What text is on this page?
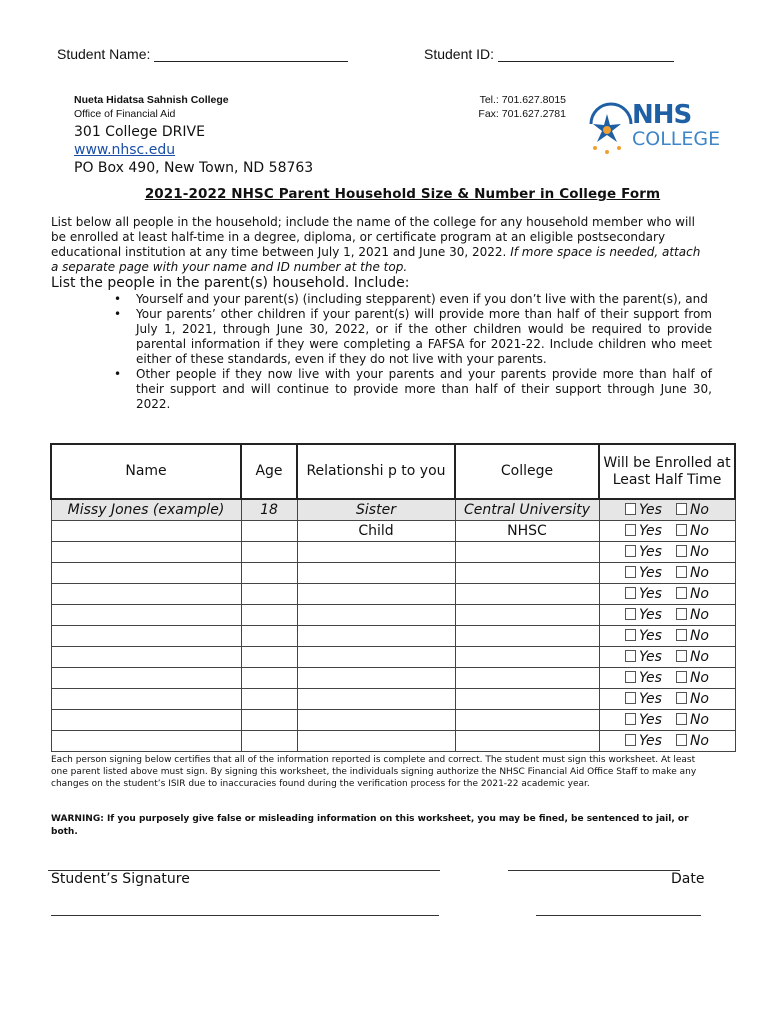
Student Name:	Student ID:
Nueta Hidatsa Sahnish College
Office of Financial Aid
301 College DRIVE
www.nhsc.edu
PO Box 490, New Town, ND 58763
Tel.: 701.627.8015
Fax: 701.627.2781	NHS
COLLEGE
2021-2022 NHSC Parent Household Size & Number in College Form
List below all people in the household; include the name of the college for any household member who will be enrolled at least half-time in a degree, diploma, or certificate program at an eligible postsecondary educational institution at any time between July 1, 2021 and June 30, 2022. If more space is needed, attach a separate page with your name and ID number at the top.
List the people in the parent(s) household. Include:
• Yourself and your parent(s) (including stepparent) even if you don’t live with the parent(s), and
• Your parents’ other children if your parent(s) will provide more than half of their support from July 1, 2021, through June 30, 2022, or if the other children would be required to provide parental information if they were completing a FAFSA for 2021-22. Include children who meet either of these standards, even if they do not live with your parents.
• Other people if they now live with your parents and your parents provide more than half of their support and will continue to provide more than half of their support through June 30, 2022.
Name	Age	Relationshi p to you	College	Will be Enrolled at Least Half Time
Missy Jones (example)	18	Sister	Central University	Yes No
		Child	NHSC	Yes No
				Yes No
				Yes No
				Yes No
				Yes No
				Yes No
				Yes No
				Yes No
				Yes No
				Yes No
				Yes No
Each person signing below certifies that all of the information reported is complete and correct. The student must sign this worksheet. At least one parent listed above must sign. By signing this worksheet, the individuals signing authorize the NHSC Financial Aid Office Staff to make any changes on the student’s ISIR due to inaccuracies found during the verification process for the 2021-22 academic year.
WARNING: If you purposely give false or misleading information on this worksheet, you may be fined, be sentenced to jail, or both.
Student’s Signature	Date
